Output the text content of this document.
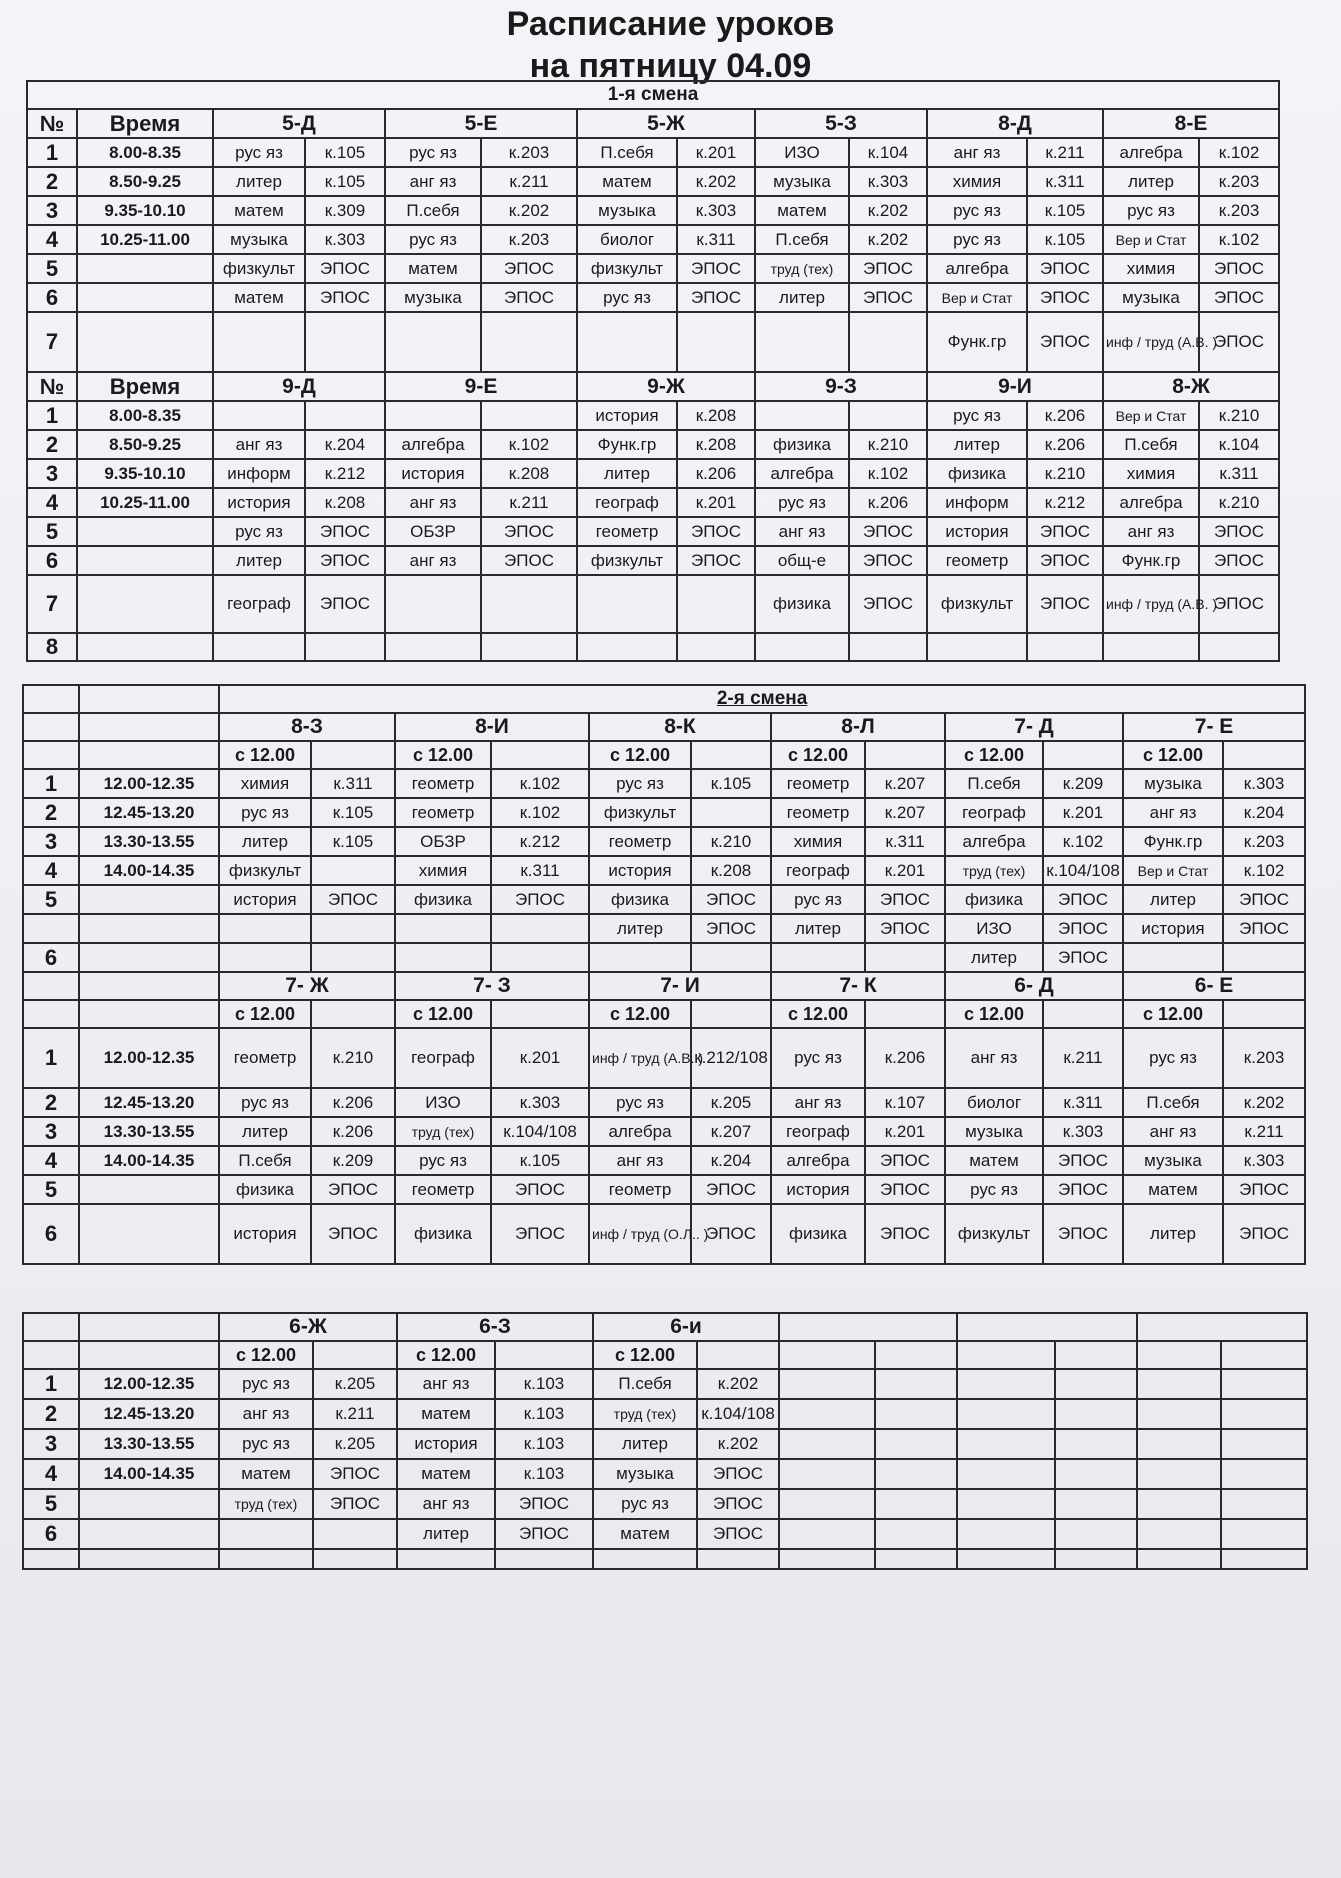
Расписание уроков
на пятницу 04.09
1-я смена													
№	Время	5-Д		5-Е		5-Ж		5-З		8-Д		8-Е	
1	8.00-8.35	рус яз	к.105	рус яз	к.203	П.себя	к.201	ИЗО	к.104	анг яз	к.211	алгебра	к.102
2	8.50-9.25	литер	к.105	анг яз	к.211	матем	к.202	музыка	к.303	химия	к.311	литер	к.203
3	9.35-10.10	матем	к.309	П.себя	к.202	музыка	к.303	матем	к.202	рус яз	к.105	рус яз	к.203
4	10.25-11.00	музыка	к.303	рус яз	к.203	биолог	к.311	П.себя	к.202	рус яз	к.105	Вер и Стат	к.102
5		физкульт	ЭПОС	матем	ЭПОС	физкульт	ЭПОС	труд (тех)	ЭПОС	алгебра	ЭПОС	химия	ЭПОС
6		матем	ЭПОС	музыка	ЭПОС	рус яз	ЭПОС	литер	ЭПОС	Вер и Стат	ЭПОС	музыка	ЭПОС
7										Функ.гр	ЭПОС	инф / труд (А.В. )	ЭПОС
№	Время	9-Д		9-Е		9-Ж		9-З		9-И		8-Ж	
1	8.00-8.35					история	к.208			рус яз	к.206	Вер и Стат	к.210
2	8.50-9.25	анг яз	к.204	алгебра	к.102	Функ.гр	к.208	физика	к.210	литер	к.206	П.себя	к.104
3	9.35-10.10	информ	к.212	история	к.208	литер	к.206	алгебра	к.102	физика	к.210	химия	к.311
4	10.25-11.00	история	к.208	анг яз	к.211	географ	к.201	рус яз	к.206	информ	к.212	алгебра	к.210
5		рус яз	ЭПОС	ОБЗР	ЭПОС	геометр	ЭПОС	анг яз	ЭПОС	история	ЭПОС	анг яз	ЭПОС
6		литер	ЭПОС	анг яз	ЭПОС	физкульт	ЭПОС	общ-е	ЭПОС	геометр	ЭПОС	Функ.гр	ЭПОС
7		географ	ЭПОС					физика	ЭПОС	физкульт	ЭПОС	инф / труд (А.В. )	ЭПОС
8													
		2-я смена											
		8-З		8-И		8-К		8-Л		7- Д		7- Е	
		с 12.00		с 12.00		с 12.00		с 12.00		с 12.00		с 12.00	
1	12.00-12.35	химия	к.311	геометр	к.102	рус яз	к.105	геометр	к.207	П.себя	к.209	музыка	к.303
2	12.45-13.20	рус яз	к.105	геометр	к.102	физкульт		геометр	к.207	географ	к.201	анг яз	к.204
3	13.30-13.55	литер	к.105	ОБЗР	к.212	геометр	к.210	химия	к.311	алгебра	к.102	Функ.гр	к.203
4	14.00-14.35	физкульт		химия	к.311	история	к.208	географ	к.201	труд (тех)	к.104/108	Вер и Стат	к.102
5		история	ЭПОС	физика	ЭПОС	физика	ЭПОС	рус яз	ЭПОС	физика	ЭПОС	литер	ЭПОС
						литер	ЭПОС	литер	ЭПОС	ИЗО	ЭПОС	история	ЭПОС
6										литер	ЭПОС		
		7- Ж		7- З		7- И		7- К		6- Д		6- Е	
		с 12.00		с 12.00		с 12.00		с 12.00		с 12.00		с 12.00	
1	12.00-12.35	геометр	к.210	географ	к.201	инф / труд (А.В. )	к.212/108	рус яз	к.206	анг яз	к.211	рус яз	к.203
2	12.45-13.20	рус яз	к.206	ИЗО	к.303	рус яз	к.205	анг яз	к.107	биолог	к.311	П.себя	к.202
3	13.30-13.55	литер	к.206	труд (тех)	к.104/108	алгебра	к.207	географ	к.201	музыка	к.303	анг яз	к.211
4	14.00-14.35	П.себя	к.209	рус яз	к.105	анг яз	к.204	алгебра	ЭПОС	матем	ЭПОС	музыка	к.303
5		физика	ЭПОС	геометр	ЭПОС	геометр	ЭПОС	история	ЭПОС	рус яз	ЭПОС	матем	ЭПОС
6		история	ЭПОС	физика	ЭПОС	инф / труд (О.Л.. )	ЭПОС	физика	ЭПОС	физкульт	ЭПОС	литер	ЭПОС
		6-Ж		6-З		6-и							
		с 12.00		с 12.00		с 12.00							
1	12.00-12.35	рус яз	к.205	анг яз	к.103	П.себя	к.202						
2	12.45-13.20	анг яз	к.211	матем	к.103	труд (тех)	к.104/108						
3	13.30-13.55	рус яз	к.205	история	к.103	литер	к.202						
4	14.00-14.35	матем	ЭПОС	матем	к.103	музыка	ЭПОС						
5		труд (тех)	ЭПОС	анг яз	ЭПОС	рус яз	ЭПОС						
6				литер	ЭПОС	матем	ЭПОС						
